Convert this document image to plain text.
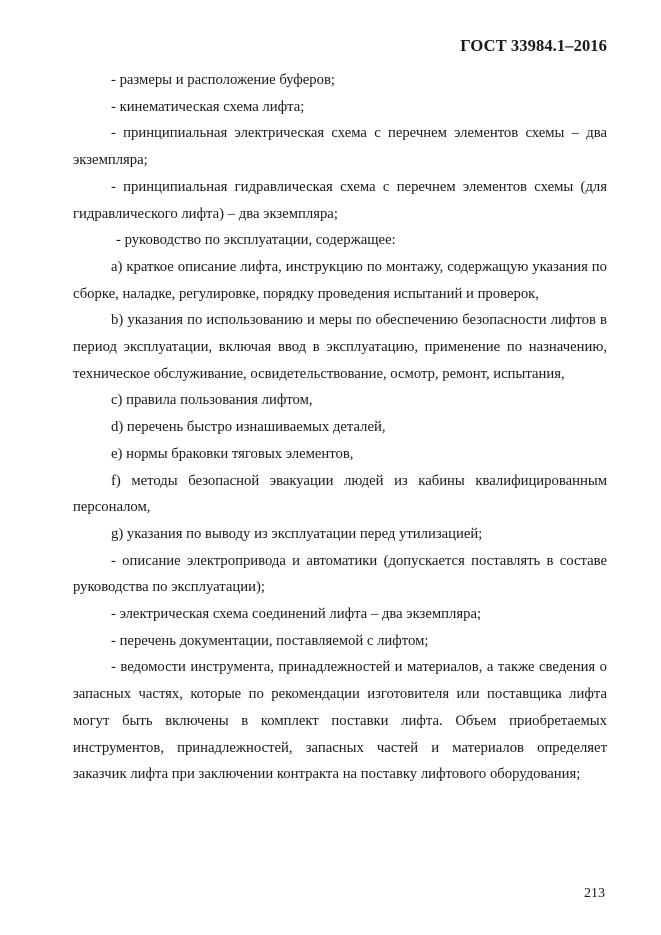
ГОСТ 33984.1–2016

- размеры и расположение буферов;

- кинематическая схема лифта;

- принципиальная электрическая схема с перечнем элементов схемы – два экземпляра;

- принципиальная гидравлическая схема с перечнем элементов схемы (для гидравлического лифта) – два экземпляра;

- руководство по эксплуатации, содержащее:

a) краткое описание лифта, инструкцию по монтажу, содержащую указания по сборке, наладке, регулировке, порядку проведения испытаний и проверок,

b) указания по использованию и меры по обеспечению безопасности лифтов в период эксплуатации, включая ввод в эксплуатацию, применение по назначению, техническое обслуживание, освидетельствование, осмотр, ремонт, испытания,

c) правила пользования лифтом,

d) перечень быстро изнашиваемых деталей,

e) нормы браковки тяговых элементов,

f) методы безопасной эвакуации людей из кабины квалифицированным персоналом,

g) указания по выводу из эксплуатации перед утилизацией;

- описание электропривода и автоматики (допускается поставлять в составе руководства по эксплуатации);

- электрическая схема соединений лифта – два экземпляра;

- перечень документации, поставляемой с лифтом;

- ведомости инструмента, принадлежностей и материалов, а также сведения о запасных частях, которые по рекомендации изготовителя или поставщика лифта могут быть включены в комплект поставки лифта. Объем приобретаемых инструментов, принадлежностей, запасных частей и материалов определяет заказчик лифта при заключении контракта на поставку лифтового оборудования;

213
